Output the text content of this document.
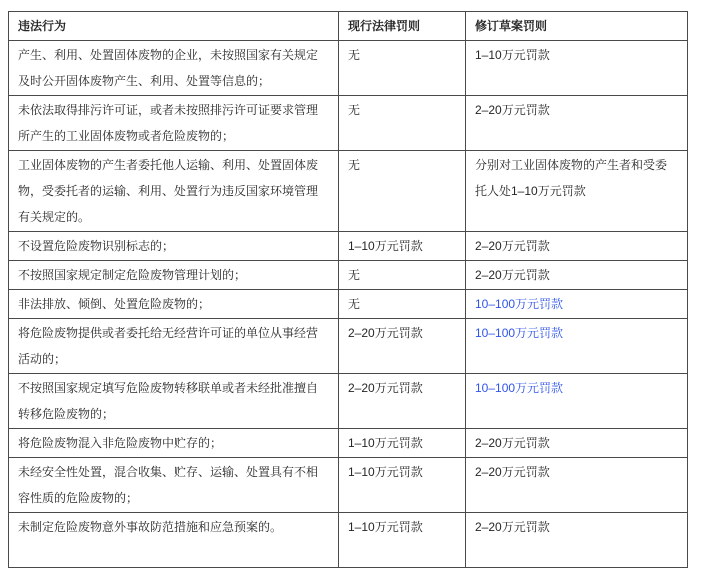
违法行为	现行法律罚则	修订草案罚则
产生、利用、处置固体废物的企业，未按照国家有关规定及时公开固体废物产生、利用、处置等信息的；	无	1–10万元罚款
未依法取得排污许可证，或者未按照排污许可证要求管理所产生的工业固体废物或者危险废物的；	无	2–20万元罚款
工业固体废物的产生者委托他人运输、利用、处置固体废物，受委托者的运输、利用、处置行为违反国家环境管理有关规定的。	无	分别对工业固体废物的产生者和受委托人处1–10万元罚款
不设置危险废物识别标志的；	1–10万元罚款	2–20万元罚款
不按照国家规定制定危险废物管理计划的；	无	2–20万元罚款
非法排放、倾倒、处置危险废物的；	无	10–100万元罚款
将危险废物提供或者委托给无经营许可证的单位从事经营活动的；	2–20万元罚款	10–100万元罚款
不按照国家规定填写危险废物转移联单或者未经批准擅自转移危险废物的；	2–20万元罚款	10–100万元罚款
将危险废物混入非危险废物中贮存的；	1–10万元罚款	2–20万元罚款
未经安全性处置，混合收集、贮存、运输、处置具有不相容性质的危险废物的；	1–10万元罚款	2–20万元罚款
未制定危险废物意外事故防范措施和应急预案的。	1–10万元罚款	2–20万元罚款
